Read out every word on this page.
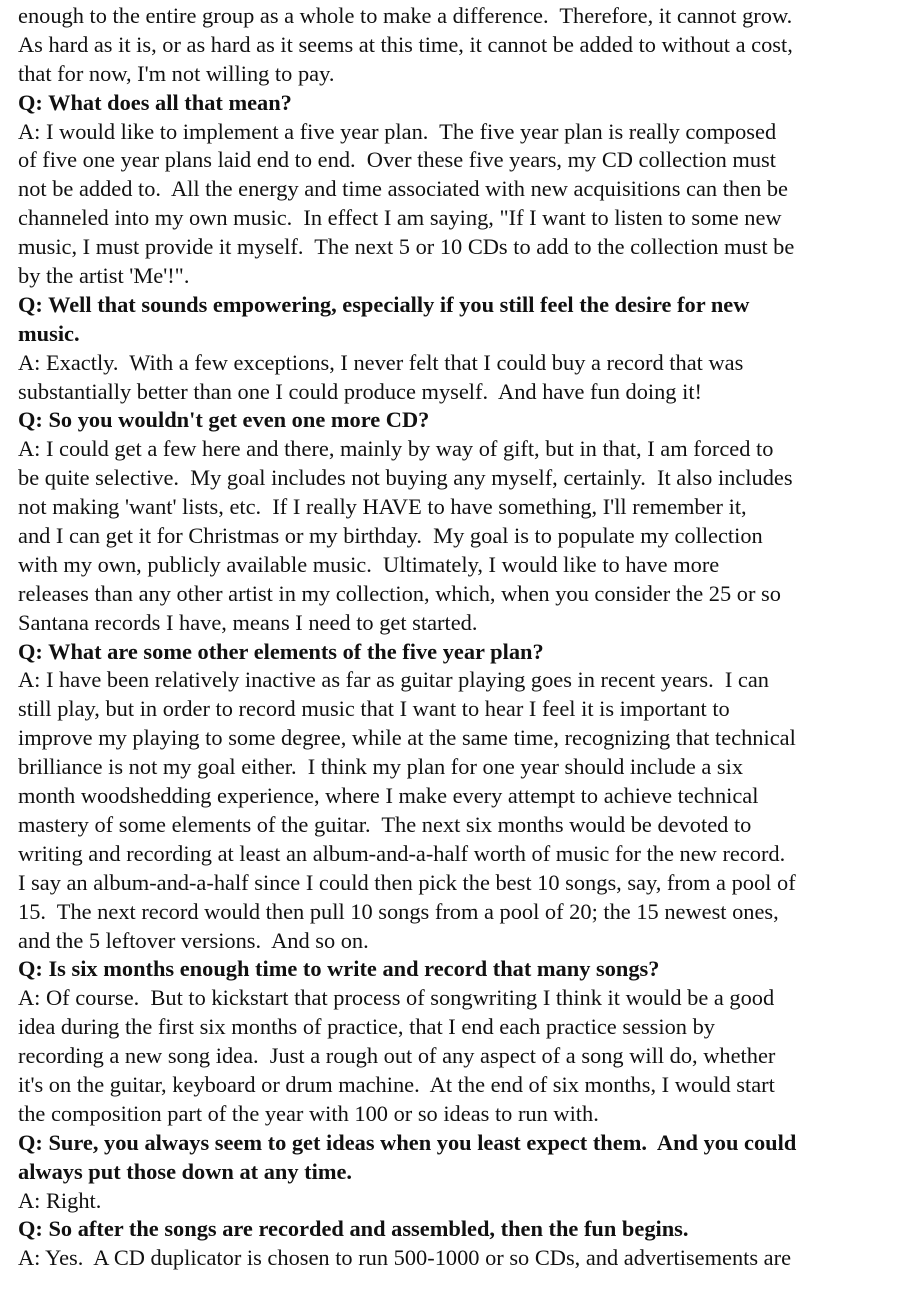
enough to the entire group as a whole to make a difference.  Therefore, it cannot grow.
As hard as it is, or as hard as it seems at this time, it cannot be added to without a cost,
that for now, I'm not willing to pay.
Q: What does all that mean?
A: I would like to implement a five year plan.  The five year plan is really composed
of five one year plans laid end to end.  Over these five years, my CD collection must
not be added to.  All the energy and time associated with new acquisitions can then be
channeled into my own music.  In effect I am saying, "If I want to listen to some new
music, I must provide it myself.  The next 5 or 10 CDs to add to the collection must be
by the artist 'Me'!".
Q: Well that sounds empowering, especially if you still feel the desire for new
music.
A: Exactly.  With a few exceptions, I never felt that I could buy a record that was
substantially better than one I could produce myself.  And have fun doing it!
Q: So you wouldn't get even one more CD?
A: I could get a few here and there, mainly by way of gift, but in that, I am forced to
be quite selective.  My goal includes not buying any myself, certainly.  It also includes
not making 'want' lists, etc.  If I really HAVE to have something, I'll remember it,
and I can get it for Christmas or my birthday.  My goal is to populate my collection
with my own, publicly available music.  Ultimately, I would like to have more
releases than any other artist in my collection, which, when you consider the 25 or so
Santana records I have, means I need to get started.
Q: What are some other elements of the five year plan?
A: I have been relatively inactive as far as guitar playing goes in recent years.  I can
still play, but in order to record music that I want to hear I feel it is important to
improve my playing to some degree, while at the same time, recognizing that technical
brilliance is not my goal either.  I think my plan for one year should include a six
month woodshedding experience, where I make every attempt to achieve technical
mastery of some elements of the guitar.  The next six months would be devoted to
writing and recording at least an album-and-a-half worth of music for the new record.
I say an album-and-a-half since I could then pick the best 10 songs, say, from a pool of
15.  The next record would then pull 10 songs from a pool of 20; the 15 newest ones,
and the 5 leftover versions.  And so on.
Q: Is six months enough time to write and record that many songs?
A: Of course.  But to kickstart that process of songwriting I think it would be a good
idea during the first six months of practice, that I end each practice session by
recording a new song idea.  Just a rough out of any aspect of a song will do, whether
it's on the guitar, keyboard or drum machine.  At the end of six months, I would start
the composition part of the year with 100 or so ideas to run with.
Q: Sure, you always seem to get ideas when you least expect them.  And you could
always put those down at any time.
A: Right.
Q: So after the songs are recorded and assembled, then the fun begins.
A: Yes.  A CD duplicator is chosen to run 500-1000 or so CDs, and advertisements are
